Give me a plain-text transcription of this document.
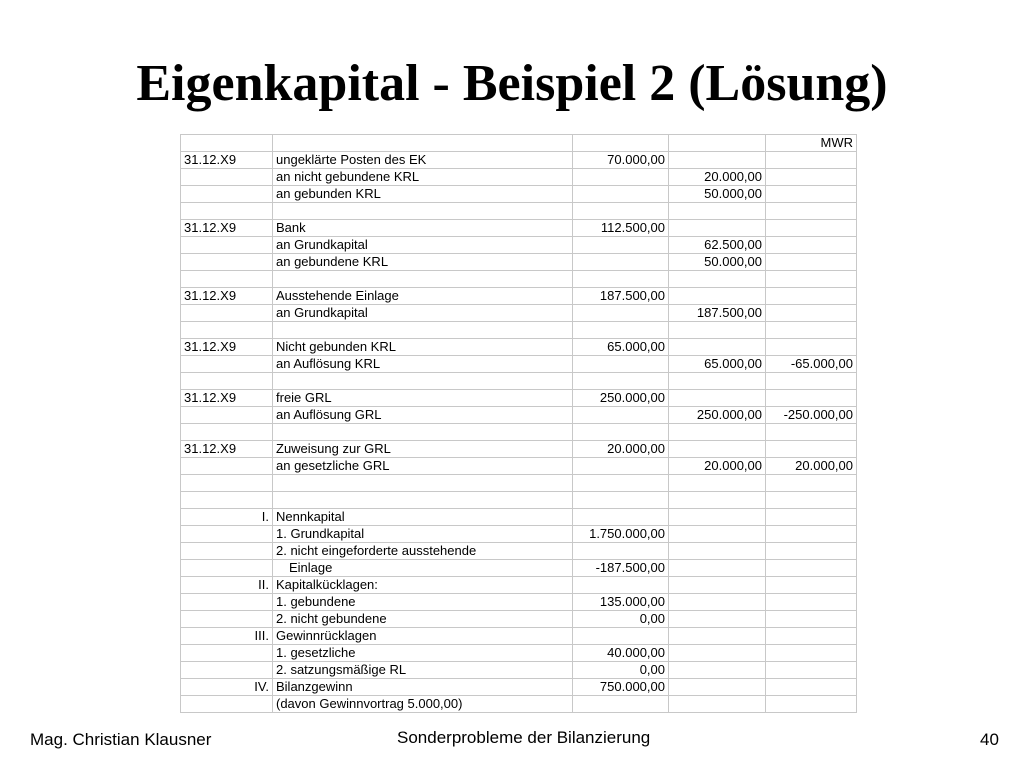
Eigenkapital - Beispiel 2 (Lösung)
				MWR
31.12.X9	ungeklärte Posten des EK	70.000,00		
	an nicht gebundene KRL		20.000,00	
	an gebunden KRL		50.000,00	

31.12.X9	Bank	112.500,00		
	an Grundkapital		62.500,00	
	an gebundene KRL		50.000,00	

31.12.X9	Ausstehende Einlage	187.500,00		
	an Grundkapital		187.500,00	

31.12.X9	Nicht gebunden KRL	65.000,00		
	an Auflösung KRL		65.000,00	-65.000,00

31.12.X9	freie GRL	250.000,00		
	an Auflösung GRL		250.000,00	-250.000,00

31.12.X9	Zuweisung zur GRL	20.000,00		
	an gesetzliche GRL		20.000,00	20.000,00

I.	Nennkapital			
	1. Grundkapital	1.750.000,00		
	2. nicht eingeforderte ausstehende			
	Einlage	-187.500,00		
II.	Kapitalkücklagen:			
	1. gebundene	135.000,00		
	2. nicht gebundene	0,00		
III.	Gewinnrücklagen			
	1. gesetzliche	40.000,00		
	2. satzungsmäßige RL	0,00		
IV.	Bilanzgewinn	750.000,00		
	(davon Gewinnvortrag 5.000,00)			
Mag. Christian Klausner	Sonderprobleme der Bilanzierung	40
